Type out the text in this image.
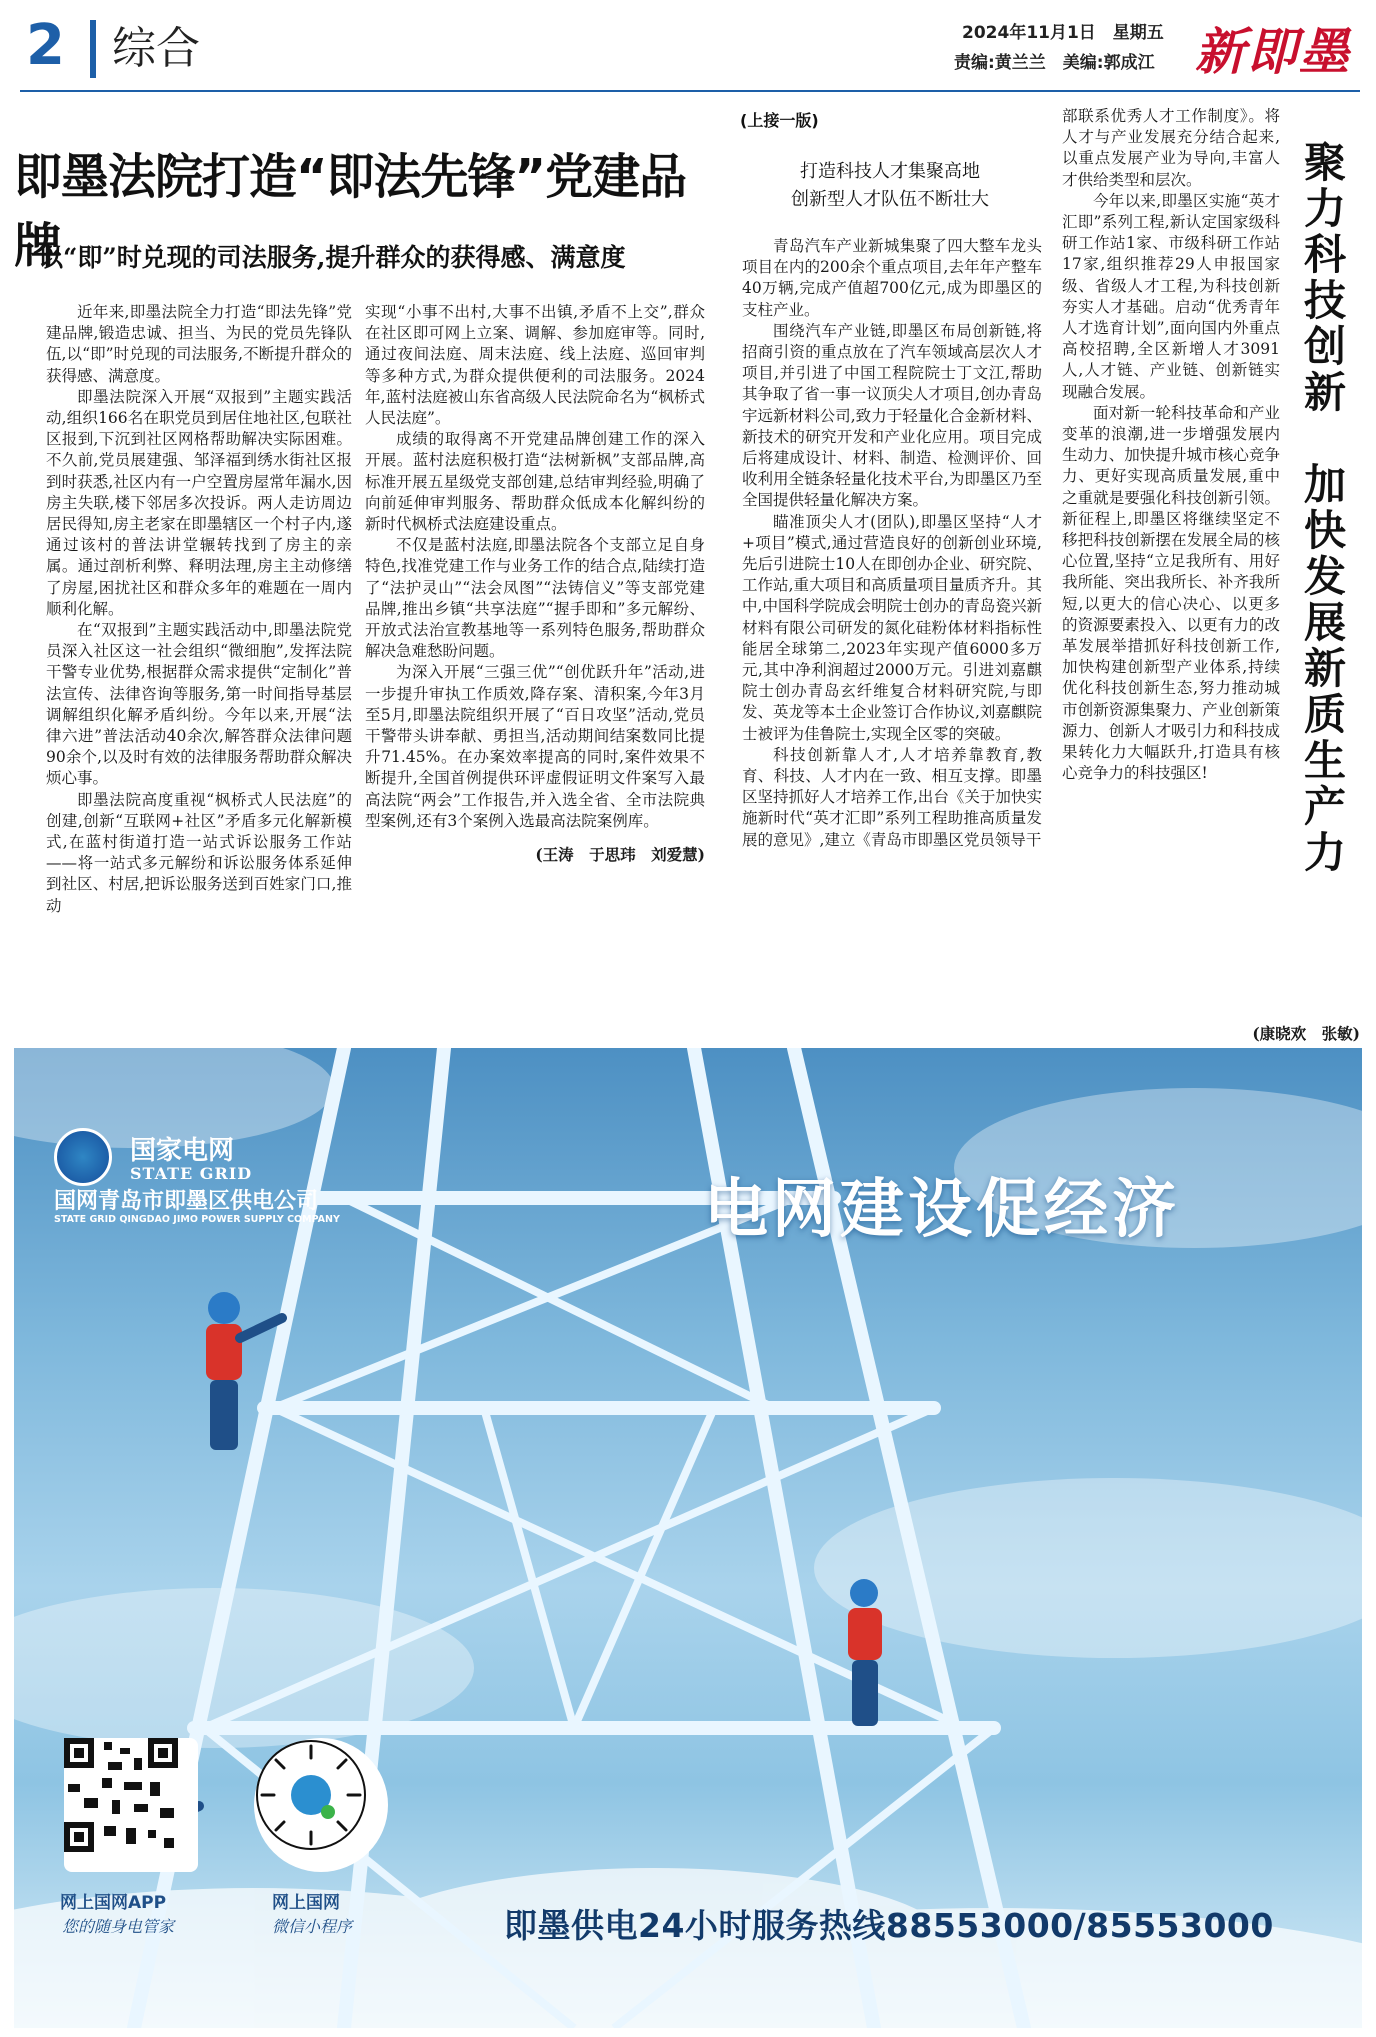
2 综合	2024年11月1日　星期五
责编:黄兰兰　美编:郭成江 新即墨
即墨法院打造“即法先锋”党建品牌
以“即”时兑现的司法服务,提升群众的获得感、满意度

近年来,即墨法院全力打造“即法先锋”党建品牌,锻造忠诚、担当、为民的党员先锋队伍,以“即”时兑现的司法服务,不断提升群众的获得感、满意度。

即墨法院深入开展“双报到”主题实践活动,组织166名在职党员到居住地社区,包联社区报到,下沉到社区网格帮助解决实际困难。不久前,党员展建强、邹泽福到绣水街社区报到时获悉,社区内有一户空置房屋常年漏水,因房主失联,楼下邻居多次投诉。两人走访周边居民得知,房主老家在即墨辖区一个村子内,遂通过该村的普法讲堂辗转找到了房主的亲属。通过剖析利弊、释明法理,房主主动修缮了房屋,困扰社区和群众多年的难题在一周内顺利化解。

在“双报到”主题实践活动中,即墨法院党员深入社区这一社会组织“微细胞”,发挥法院干警专业优势,根据群众需求提供“定制化”普法宣传、法律咨询等服务,第一时间指导基层调解组织化解矛盾纠纷。今年以来,开展“法律六进”普法活动40余次,解答群众法律问题90余个,以及时有效的法律服务帮助群众解决烦心事。

即墨法院高度重视“枫桥式人民法庭”的创建,创新“互联网+社区”矛盾多元化解新模式,在蓝村街道打造一站式诉讼服务工作站——将一站式多元解纷和诉讼服务体系延伸到社区、村居,把诉讼服务送到百姓家门口,推动

实现“小事不出村,大事不出镇,矛盾不上交”,群众在社区即可网上立案、调解、参加庭审等。同时,通过夜间法庭、周末法庭、线上法庭、巡回审判等多种方式,为群众提供便利的司法服务。2024年,蓝村法庭被山东省高级人民法院命名为“枫桥式人民法庭”。

成绩的取得离不开党建品牌创建工作的深入开展。蓝村法庭积极打造“法树新枫”支部品牌,高标准开展五星级党支部创建,总结审判经验,明确了向前延伸审判服务、帮助群众低成本化解纠纷的新时代枫桥式法庭建设重点。

不仅是蓝村法庭,即墨法院各个支部立足自身特色,找准党建工作与业务工作的结合点,陆续打造了“法护灵山”“法会凤图”“法铸信义”等支部党建品牌,推出乡镇“共享法庭”“握手即和”多元解纷、开放式法治宣教基地等一系列特色服务,帮助群众解决急难愁盼问题。

为深入开展“三强三优”“创优跃升年”活动,进一步提升审执工作质效,降存案、清积案,今年3月至5月,即墨法院组织开展了“百日攻坚”活动,党员干警带头讲奉献、勇担当,活动期间结案数同比提升71.45%。在办案效率提高的同时,案件效果不断提升,全国首例提供环评虚假证明文件案写入最高法院“两会”工作报告,并入选全省、全市法院典型案例,还有3个案例入选最高法院案例库。

(王涛　于思玮　刘爱慧)

(上接一版)
打造科技人才集聚高地
创新型人才队伍不断壮大

青岛汽车产业新城集聚了四大整车龙头项目在内的200余个重点项目,去年年产整车40万辆,完成产值超700亿元,成为即墨区的支柱产业。

围绕汽车产业链,即墨区布局创新链,将招商引资的重点放在了汽车领域高层次人才项目,并引进了中国工程院院士丁文江,帮助其争取了省一事一议顶尖人才项目,创办青岛宇远新材料公司,致力于轻量化合金新材料、新技术的研究开发和产业化应用。项目完成后将建成设计、材料、制造、检测评价、回收利用全链条轻量化技术平台,为即墨区乃至全国提供轻量化解决方案。

瞄准顶尖人才(团队),即墨区坚持“人才+项目”模式,通过营造良好的创新创业环境,先后引进院士10人在即创办企业、研究院、工作站,重大项目和高质量项目量质齐升。其中,中国科学院成会明院士创办的青岛瓷兴新材料有限公司研发的氮化硅粉体材料指标性能居全球第二,2023年实现产值6000多万元,其中净利润超过2000万元。引进刘嘉麒院士创办青岛玄纤维复合材料研究院,与即发、英龙等本土企业签订合作协议,刘嘉麒院士被评为佳鲁院士,实现全区零的突破。

科技创新靠人才,人才培养靠教育,教育、科技、人才内在一致、相互支撑。即墨区坚持抓好人才培养工作,出台《关于加快实施新时代“英才汇即”系列工程助推高质量发展的意见》,建立《青岛市即墨区党员领导干

部联系优秀人才工作制度》。将人才与产业发展充分结合起来,以重点发展产业为导向,丰富人才供给类型和层次。

今年以来,即墨区实施“英才汇即”系列工程,新认定国家级科研工作站1家、市级科研工作站17家,组织推荐29人申报国家级、省级人才工程,为科技创新夯实人才基础。启动“优秀青年人才选育计划”,面向国内外重点高校招聘,全区新增人才3091人,人才链、产业链、创新链实现融合发展。

面对新一轮科技革命和产业变革的浪潮,进一步增强发展内生动力、加快提升城市核心竞争力、更好实现高质量发展,重中之重就是要强化科技创新引领。新征程上,即墨区将继续坚定不移把科技创新摆在发展全局的核心位置,坚持“立足我所有、用好我所能、突出我所长、补齐我所短,以更大的信心决心、以更多的资源要素投入、以更有力的改革发展举措抓好科技创新工作,加快构建创新型产业体系,持续优化科技创新生态,努力推动城市创新资源集聚力、产业创新策源力、创新人才吸引力和科技成果转化力大幅跃升,打造具有核心竞争力的科技强区!

(康晓欢　张敏)

聚力科技创新　加快发展新质生产力
国家电网
STATE GRID
国网青岛市即墨区供电公司
STATE GRID QINGDAO JIMO POWER SUPPLY COMPANY	电网建设促经济
网上国网APP
您的随身电管家
网上国网
微信小程序	即墨供电24小时服务热线88553000/85553000
